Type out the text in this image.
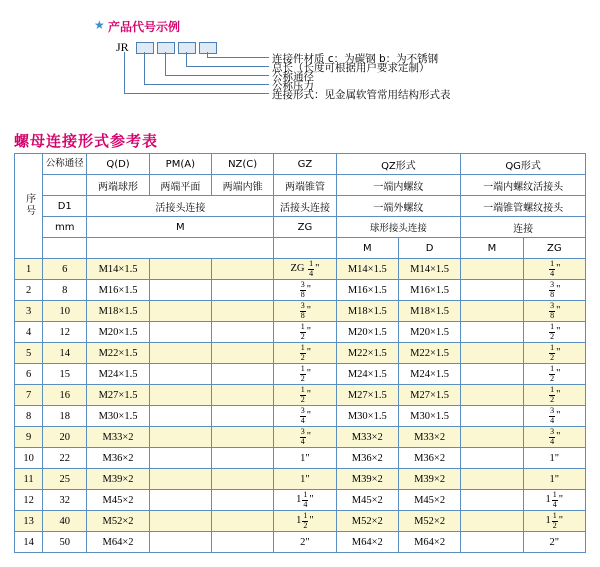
★ 产品代号示例
JR
连接件材质 c：为碳钢 b：为不锈钢
总长（长度可根据用户要求定制）
公称通径
公称压力
连接形式：见金属软管常用结构形式表
螺母连接形式参考表
序号	公称通径	Q(D)	PM(A)	NZ(C)	GZ	QZ形式		QG形式	
		两端球形	两端平面	两端内锥	两端锥管	一端内螺纹		一端内螺纹活接头	
	D1	活接头连接			活接头连接	一端外螺纹		一端锥管螺纹接头	
	mm	M			ZG	球形接头连接		连接	
						M	D	M	ZG
1	6	M14×1.5			ZG $\frac{1}{4}$ "	M14×1.5	M14×1.5		$\frac{1}{4}$ "
2	8	M16×1.5			$\frac{3}{8}$ "	M16×1.5	M16×1.5		$\frac{3}{8}$ "
3	10	M18×1.5			$\frac{3}{8}$ "	M18×1.5	M18×1.5		$\frac{3}{8}$ "
4	12	M20×1.5			$\frac{1}{2}$ "	M20×1.5	M20×1.5		$\frac{1}{2}$ "
5	14	M22×1.5			$\frac{1}{2}$ "	M22×1.5	M22×1.5		$\frac{1}{2}$ "
6	15	M24×1.5			$\frac{1}{2}$ "	M24×1.5	M24×1.5		$\frac{1}{2}$ "
7	16	M27×1.5			$\frac{1}{2}$ "	M27×1.5	M27×1.5		$\frac{1}{2}$ "
8	18	M30×1.5			$\frac{3}{4}$ "	M30×1.5	M30×1.5		$\frac{3}{4}$ "
9	20	M33×2			$\frac{3}{4}$ "	M33×2	M33×2		$\frac{3}{4}$ "
10	22	M36×2			1"	M36×2	M36×2		1"
11	25	M39×2			1"	M39×2	M39×2		1"
12	32	M45×2			$1 \frac{1}{4}$ "	M45×2	M45×2		$1 \frac{1}{4}$ "
13	40	M52×2			$1 \frac{1}{2}$ "	M52×2	M52×2		$1 \frac{1}{2}$ "
14	50	M64×2			2"	M64×2	M64×2		2"
